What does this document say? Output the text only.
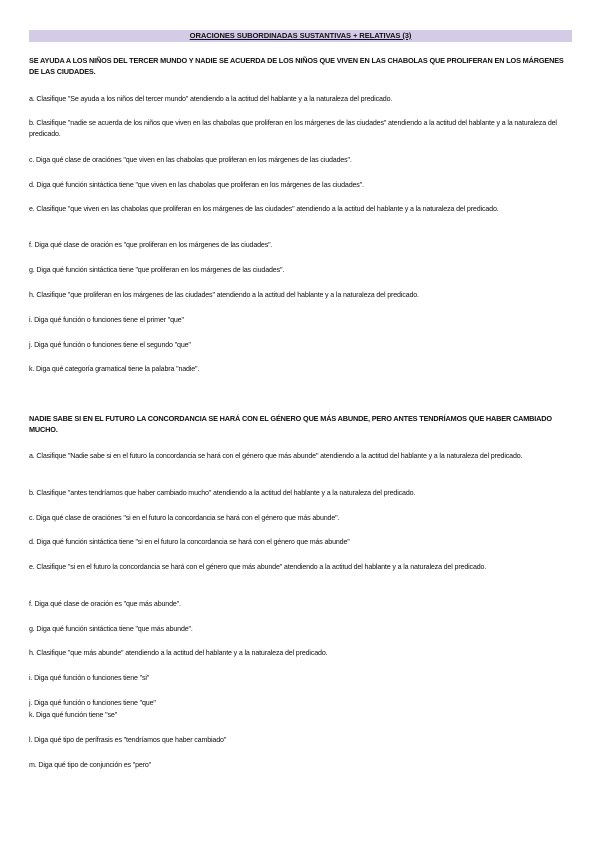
ORACIONES SUBORDINADAS SUSTANTIVAS + RELATIVAS (3)

SE AYUDA A LOS NIÑOS DEL TERCER MUNDO Y NADIE SE ACUERDA DE LOS NIÑOS QUE VIVEN EN LAS CHABOLAS QUE PROLIFERAN EN LOS MÁRGENES DE LAS CIUDADES.

a. Clasifique "Se ayuda a los niños del tercer mundo" atendiendo a la actitud del hablante y a la naturaleza del predicado.

b. Clasifique "nadie se acuerda de los niños que viven en las chabolas que proliferan en los márgenes de las ciudades" atendiendo a la actitud del hablante y a la naturaleza del predicado.

c. Diga qué clase de oraciónes "que viven en las chabolas que proliferan en los márgenes de las ciudades".

d. Diga qué función sintáctica tiene "que viven en las chabolas que proliferan en los márgenes de las ciudades".

e. Clasifique "que viven en las chabolas que proliferan en los márgenes de las ciudades" atendiendo a la actitud del hablante y a la naturaleza del predicado.

f. Diga qué clase de oración es "que proliferan en los márgenes de las ciudades".

g. Diga qué función sintáctica tiene "que proliferan en los márgenes de las ciudades".

h. Clasifique "que proliferan en los márgenes de las ciudades" atendiendo a la actitud del hablante y a la naturaleza del predicado.

i. Diga qué función o funciones tiene el primer "que"

j. Diga qué función o funciones tiene el segundo "que"

k. Diga qué categoría gramatical tiene la palabra "nadie".

NADIE SABE SI EN EL FUTURO LA CONCORDANCIA SE HARÁ CON EL GÉNERO QUE MÁS ABUNDE, PERO ANTES TENDRÍAMOS QUE HABER CAMBIADO MUCHO.

a. Clasifique "Nadie sabe si en el futuro la concordancia se hará con el género que más abunde" atendiendo a la actitud del hablante y a la naturaleza del predicado.

b. Clasifique "antes tendríamos que haber cambiado mucho" atendiendo a la actitud del hablante y a la naturaleza del predicado.

c. Diga qué clase de oraciónes "si en el futuro la concordancia se hará con el género que más abunde".

d. Diga qué función sintáctica tiene "si en el futuro la concordancia se hará con el género que más abunde"

e. Clasifique "si en el futuro la concordancia se hará con el género que más abunde" atendiendo a la actitud del hablante y a la naturaleza del predicado.

f. Diga qué clase de oración es "que más abunde".

g. Diga qué función sintáctica tiene "que más abunde".

h. Clasifique "que más abunde" atendiendo a la actitud del hablante y a la naturaleza del predicado.

i. Diga qué función o funciones tiene "si"

j. Diga qué función o funciones tiene "que"

k. Diga qué función tiene "se"

l. Diga qué tipo de perífrasis es "tendríamos que haber cambiado"

m. Diga qué tipo de conjunción es "pero"
